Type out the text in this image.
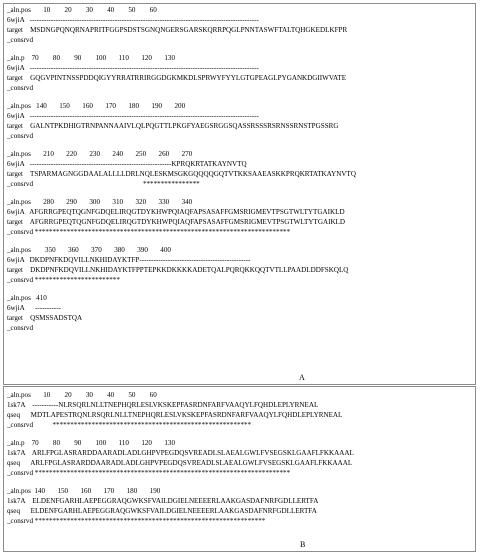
_aln.pos       10        20        30        40        50        60
6wjiA   -------------------------------------------------------------------------------------------------
target    MSDNGPQNQRNAPRITFGGPSDSTSGNQNGERSGARSKQRRPQGLPNNTASWFTALTQHGKEDLKFPR
_consrvd
_aln.p    70        80        90        100       110       120       130
6wjiA   -------------------------------------------------------------------------------------------------
target    GQGVPINTNSSPDDQIGYYRRATRRIRGGDGKMKDLSPRWYFYYLGTGPEAGLPYGANKDGIIWVATE
_consrvd
_aln.pos   140       150       160       170       180       190       200
6wjiA   -------------------------------------------------------------------------------------------------
target    GALNTPKDHIGTRNPANNAAIVLQLPQGTTLPKGFYAEGSRGGSQASSRSSSRSRNSSRNSTPGSSRG
_consrvd
_aln.pos       210       220       230       240       250       260       270
6wjiA   ------------------------------------------------------------KPRQKRTATKAYNVTQ
target    TSPARMAGNGGDAALALLLLDRLNQLESKMSGKGQQQQGQTVTKKSAAEASKKPRQKRTATKAYNVTQ
_consrvd                                                              ****************
_aln.pos       280       290       300       310       320       330       340
6wjiA   AFGRRGPEQTQGNFGDQELIRQGTDYKHWPQIAQFAPSASAFFGMSRIGMEVTPSGTWLTYTGAIKLD
target    AFGRRGPEQTQGNFGDQELIRQGTDYKHWPQIAQFAPSASAFFGMSRIGMEVTPSGTWLTYTGAIKLD
_consrvd ************************************************************************
_aln.pos        350       360       370       380       390       400
6wjiA   DKDPNFKDQVILLNKHIDAYKTFP-----------------------------------------------
target    DKDPNFKDQVILLNKHIDAYKTFPPTEPKKDKKKKADETQALPQRQKKQQTVTLLPAADLDDFSKQLQ
_consrvd ************************
_aln.pos   410
6wjiA      -----------
target    QSMSSADSTQA
_consrvd
A
_aln.pos       10        20        30        40        50        60
1sk7A    -----------NLRSQRLNLLTNEPHQRLESLVKSKEPFASRDNFARFVAAQYLFQHDLEPLYRNEAL
qseq      MDTLAPESTRQNLRSQRLNLLTNEPHQRLESLVKSKEPFASRDNFARFVAAQYLFQHDLEPLYRNEAL
_consrvd           ********************************************************
_aln.p    70        80        90        100       110       120       130
1sk7A    ARLFPGLASRARDDAARADLADLGHPVPEGDQSVREADLSLAEALGWLFVSEGSKLGAAFLFKKAAAL
qseq      ARLFPGLASRARDDAARADLADLGHPVPEGDQSVREADLSLAEALGWLFVSEGSKLGAAFLFKKAAAL
_consrvd ************************************************************************
_aln.pos  140       150       160       170       180       190
1sk7A    ELDENFGARHLAEPEGGRAQGWKSFVAILDGIELNEEEERLAAKGASDAFNRFGDLLERTFA
qseq      ELDENFGARHLAEPEGGRAQGWKSFVAILDGIELNEEEERLAAKGASDAFNRFGDLLERTFA
_consrvd *****************************************************************
B
